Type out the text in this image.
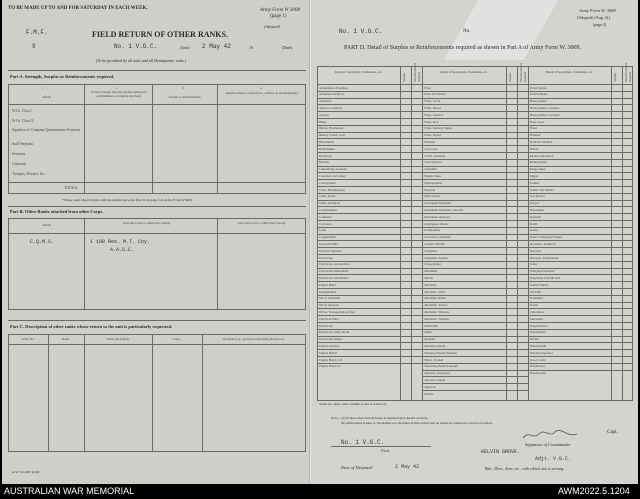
TO BE MADE UP TO AND FOR SATURDAY IN EACH WEEK.	Army Form W 3008
(page 1)
(Adopted)
F.M.F.
9
FIELD RETURN OF OTHER RANKS.
No. 1 V.G.C.	(Unit) 2 May 42	19	(Date).
(To be furnished by all units and all Headquarter units.)
Part A. Strength, Surplus or Reinforcements required.
1	2	3	4
Detail.
Posted strength showing against authorized establishment (excluding attached).	Surplus to Establishment.
Reinforcements required (i.e., deficits on establishment).
W.Os. Class I.
W.Os. Class II.
Squadron or Company Quartermaster-Serjeants
Staff Serjeants
Serjeants
Corporals
Troopers, Privates, &c.
TOTALS
*These totals should agree with the details shown in Part D on page 2 of Army Form W3009.
Part B. Other Ranks attached from other Corps.
Detail.	Unit and Corps to which they belong.	Unit and Corps to which they belong.
C.Q.M.S.	1 100 Res. M.T. Coy.
A.A.S.C.
Part C. Description of other ranks whose return to the unit is particularly requested.
Army No.	Rank.	Name and Initials.	Corps.	Remarks (e.g., previous relationship & service).
A.W. Sta 6M 10/40
No. 1 V.G.C.	No.
Army Form W. 3008
(Adopted) (Aug. 41)
(page 2)
PART D. Detail of Surplus or Reinforcements required as shown in Part A of Army Form W. 3009.
Totals (to agree with columns 3 and 4 of Part A)
Note.—(i) If men other than Privates is required give details on back.
(ii) Authorized Trades or Specialists not included in this return will be added as required to spaces provided.
No. 1 V.G.C.
Unit.
Date of Despatch	2 May 42
Capt.
Signature of Commander
KELVIN GROVE.
Adjt. V.G.C.
Bde., Divn., Area, etc., with which unit is serving.
Detail of Specialists, Tradesmen, etc.
Surplus Reinforcements required
Ammunition Examiner
Armament Artificer
Armourer
Artificer, Artillery
Assayer
Baker
Barber, Hairdresser
Battery Comdr. Asst.
Blacksmith
Boilermaker
Bricklayer
Butcher
Camouflage Assistant
Carpenter and Joiner
Cartographer
Clerk, Bookkeeping
Clerk, Stores
Clerk, Technical
Coachtrimmer
Computer
Concreter
Cook
Coppersmith
Despatch Rider
Detector Operator
Electrician
Electrician, Automobile
Electrician, Instrument
Electrician, Installation
Engine Hand
Draughtsman
Driver Mechanic
Driver Operator
Driver, Transportation Plant
Electrical Fitter
Electrician
Electrician, Dug. Room
Electrician, Shops
Engine Artificer
Engine Driver
Engine Hand, C.E.
Engine Hand, I.C.
Detail of Specialists, Tradesmen, etc.
Surplus Reinforcements required
Fitter
Fitter and Turner
Fitter, Cycle
Fitter, Diesel
Fitter, General
Fitter, M.T.
Fitter, Railway Signal
Fitter, Signal
Fireman
Gas Layer
G.P.O. Assistant
Gun Operator
Gunsmith
Height Taker
Hydrographer
Hospital
Hollowware
Instrument Mechanic
Instrument Mechanic, Aircraft
Instrument Operator
Intelligence Duties
Ironmoulder
Laboratory Assistant
Leather Stitcher
Linesman
Linesman, Signals
Lithographer
Machinist
Mason
Mechanic
Mechanic, Fitter
Mechanic, Radio
Mechanic, Tractor
Mechanic, Wireless
Mechanic, Welding
Millwright
Miner
Moulder
Nursing Orderly
Nursing Orderly (Mental)
Nurse, Trained
Operating Room Assistant
Operator, Keyboard
Operator, Signal
Optician
Painter
Detail of Specialists, Tradesmen, etc.
Surplus Reinforcements required
Patrol Duties
Pattern Maker
Photographer
Photographer, air photo
Photographer, wet plate
Plate Layer
Plater
Plumber
Predictor Number
Printer
Radiator Mechanic
Radiographer
Range Taker
Rigger
Saddler
Saddle Tree Maker
Saw Doctor
Sawyer
Shoemaker
Signaller
Smith
Stoker
Stoker, Stationary Engine
Storeman, Technical
Surveyor
Surveyor, Engineering
Tailor
Telegraph Operator
Telephone Switchboard
Textile Worker
Tinsmith
Toolmaker
Turner
Upholsterer
Vulcaniser
Wagon Driver
Watchmaker
Welder
Wheelwright
Wireless Operator
Wood Cutter
Woodturner
Woodworker
AUSTRALIAN WAR MEMORIAL	AWM2022.5.1204
